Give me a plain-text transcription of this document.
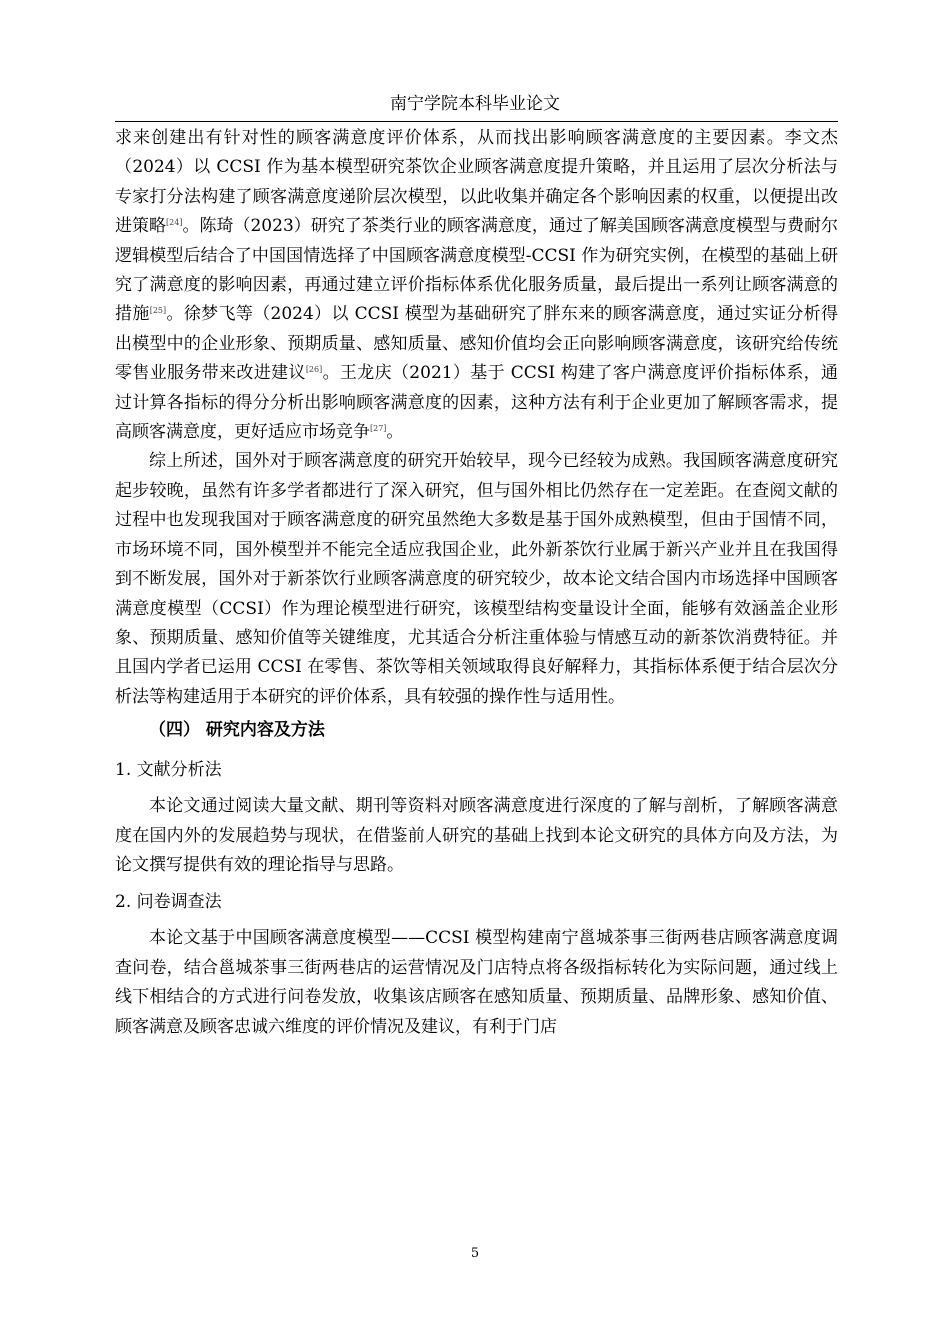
南宁学院本科毕业论文

求来创建出有针对性的顾客满意度评价体系，从而找出影响顾客满意度的主要因素。李文杰（2024）以 CCSI 作为基本模型研究茶饮企业顾客满意度提升策略，并且运用了层次分析法与专家打分法构建了顾客满意度递阶层次模型，以此收集并确定各个影响因素的权重，以便提出改进策略[24]。陈琦（2023）研究了茶类行业的顾客满意度，通过了解美国顾客满意度模型与费耐尔逻辑模型后结合了中国国情选择了中国顾客满意度模型-CCSI 作为研究实例，在模型的基础上研究了满意度的影响因素，再通过建立评价指标体系优化服务质量，最后提出一系列让顾客满意的措施[25]。徐梦飞等（2024）以 CCSI 模型为基础研究了胖东来的顾客满意度，通过实证分析得出模型中的企业形象、预期质量、感知质量、感知价值均会正向影响顾客满意度，该研究给传统零售业服务带来改进建议[26]。王龙庆（2021）基于 CCSI 构建了客户满意度评价指标体系，通过计算各指标的得分分析出影响顾客满意度的因素，这种方法有利于企业更加了解顾客需求，提高顾客满意度，更好适应市场竞争[27]。

综上所述，国外对于顾客满意度的研究开始较早，现今已经较为成熟。我国顾客满意度研究起步较晚，虽然有许多学者都进行了深入研究，但与国外相比仍然存在一定差距。在查阅文献的过程中也发现我国对于顾客满意度的研究虽然绝大多数是基于国外成熟模型，但由于国情不同，市场环境不同，国外模型并不能完全适应我国企业，此外新茶饮行业属于新兴产业并且在我国得到不断发展，国外对于新茶饮行业顾客满意度的研究较少，故本论文结合国内市场选择中国顾客满意度模型（CCSI）作为理论模型进行研究，该模型结构变量设计全面，能够有效涵盖企业形象、预期质量、感知价值等关键维度，尤其适合分析注重体验与情感互动的新茶饮消费特征。并且国内学者已运用 CCSI 在零售、茶饮等相关领域取得良好解释力，其指标体系便于结合层次分析法等构建适用于本研究的评价体系，具有较强的操作性与适用性。

（四） 研究内容及方法

1. 文献分析法

本论文通过阅读大量文献、期刊等资料对顾客满意度进行深度的了解与剖析，了解顾客满意度在国内外的发展趋势与现状，在借鉴前人研究的基础上找到本论文研究的具体方向及方法，为论文撰写提供有效的理论指导与思路。

2. 问卷调查法

本论文基于中国顾客满意度模型——CCSI 模型构建南宁邕城茶事三街两巷店顾客满意度调查问卷，结合邕城茶事三街两巷店的运营情况及门店特点将各级指标转化为实际问题，通过线上线下相结合的方式进行问卷发放，收集该店顾客在感知质量、预期质量、品牌形象、感知价值、顾客满意及顾客忠诚六维度的评价情况及建议，有利于门店

5
